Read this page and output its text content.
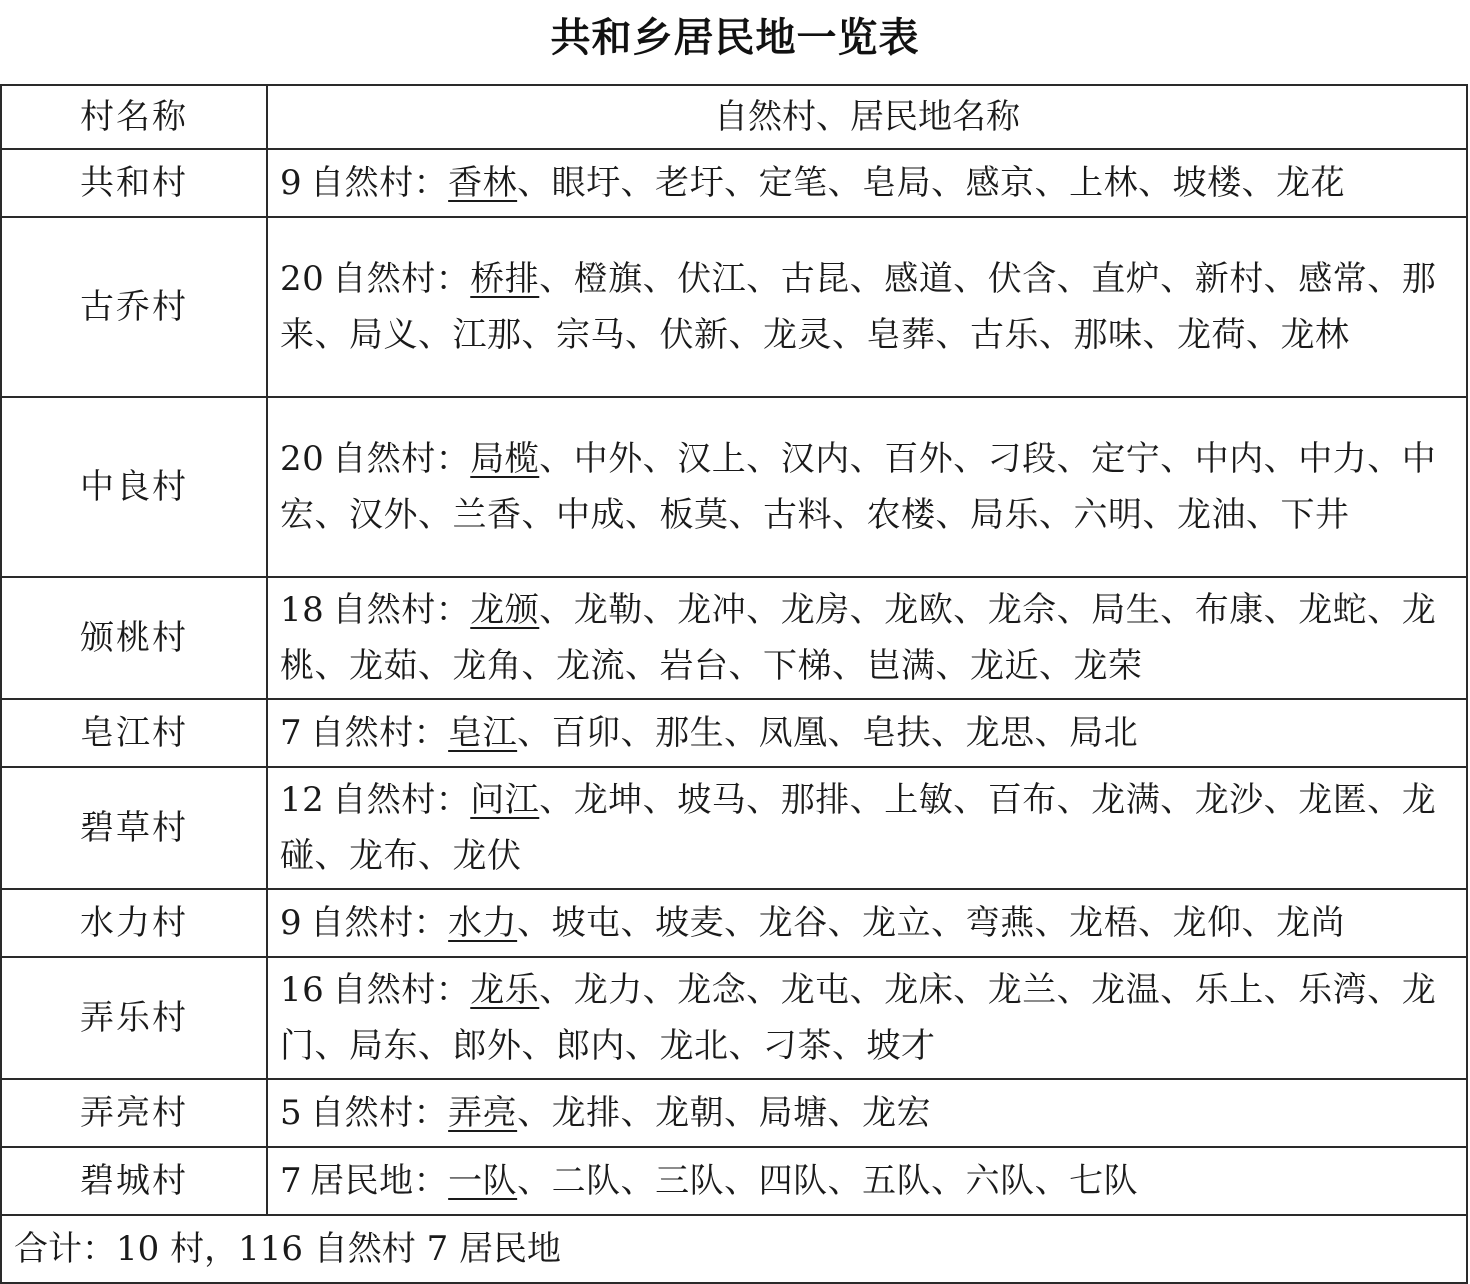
共和乡居民地一览表
村名称	自然村、居民地名称
共和村	9 自然村：香林、眼圩、老圩、定笔、皂局、感京、上林、坡楼、龙花
古乔村	20 自然村：桥排、橙旗、伏江、古昆、感道、伏含、直炉、新村、感常、那来、局义、江那、宗马、伏新、龙灵、皂葬、古乐、那味、龙荷、龙林
中良村	20 自然村：局榄、中外、汉上、汉内、百外、刁段、定宁、中内、中力、中宏、汉外、兰香、中成、板莫、古料、农楼、局乐、六明、龙油、下井
颁桃村	18 自然村：龙颁、龙勒、龙冲、龙房、龙欧、龙佘、局生、布康、龙蛇、龙桃、龙茹、龙角、龙流、岩台、下梯、岜满、龙近、龙荣
皂江村	7 自然村：皂江、百卯、那生、凤凰、皂扶、龙思、局北
碧草村	12 自然村：问江、龙坤、坡马、那排、上敏、百布、龙满、龙沙、龙匿、龙碰、龙布、龙伏
水力村	9 自然村：水力、坡屯、坡麦、龙谷、龙立、弯燕、龙梧、龙仰、龙尚
弄乐村	16 自然村：龙乐、龙力、龙念、龙屯、龙床、龙兰、龙温、乐上、乐湾、龙门、局东、郎外、郎内、龙北、刁茶、坡才
弄亮村	5 自然村：弄亮、龙排、龙朝、局塘、龙宏
碧城村	7 居民地：一队、二队、三队、四队、五队、六队、七队
合计：10 村，116 自然村 7 居民地	
